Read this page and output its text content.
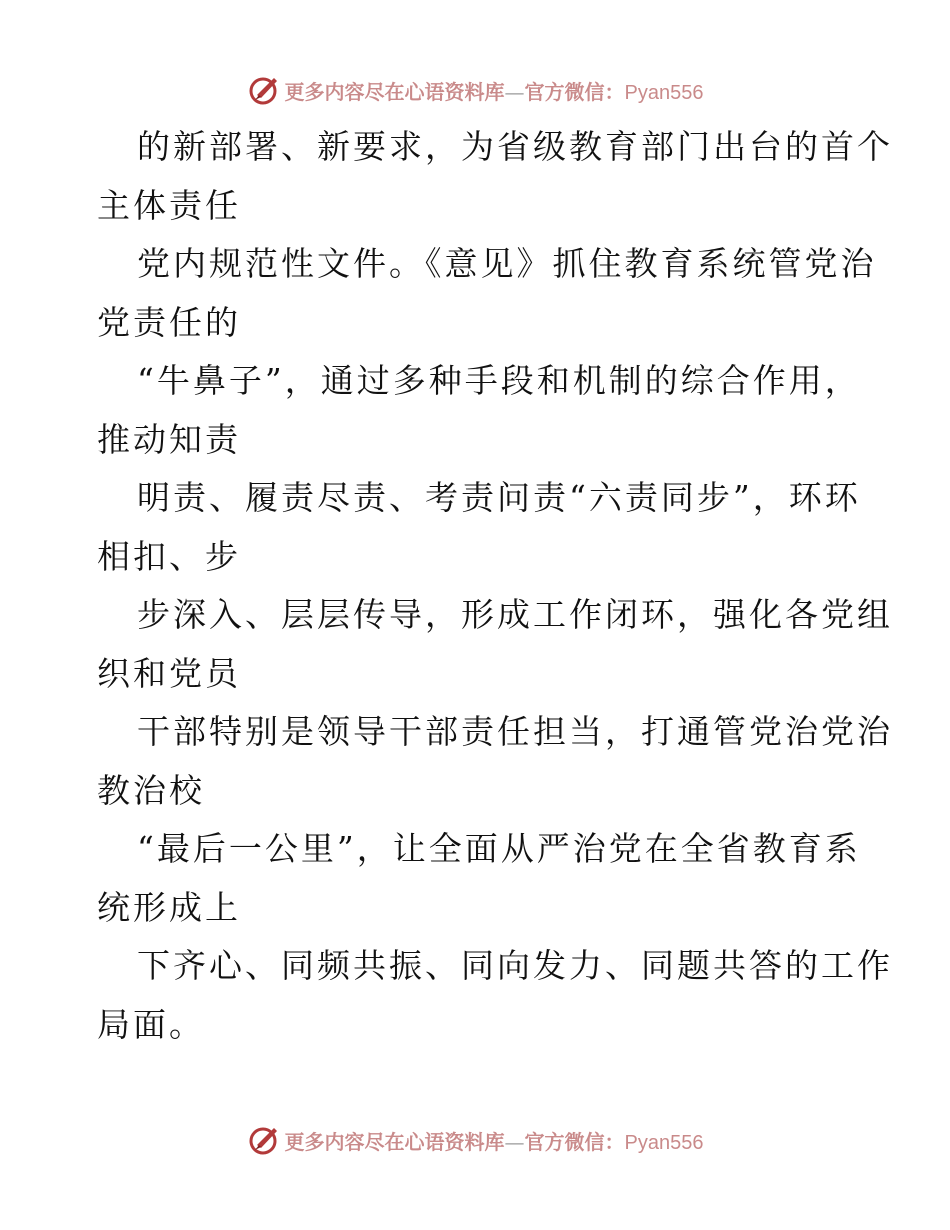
更多内容尽在心语资料库—官方微信：Pyan556
的新部署、新要求，为省级教育部门出台的首个
主体责任
党内规范性文件。《意见》抓住教育系统管党治
党责任的
“牛鼻子”，通过多种手段和机制的综合作用，
推动知责
明责、履责尽责、考责问责“六责同步”，环环
相扣、步
步深入、层层传导，形成工作闭环，强化各党组
织和党员
干部特别是领导干部责任担当，打通管党治党治
教治校
“最后一公里”，让全面从严治党在全省教育系
统形成上
下齐心、同频共振、同向发力、同题共答的工作
局面。
更多内容尽在心语资料库—官方微信：Pyan556
